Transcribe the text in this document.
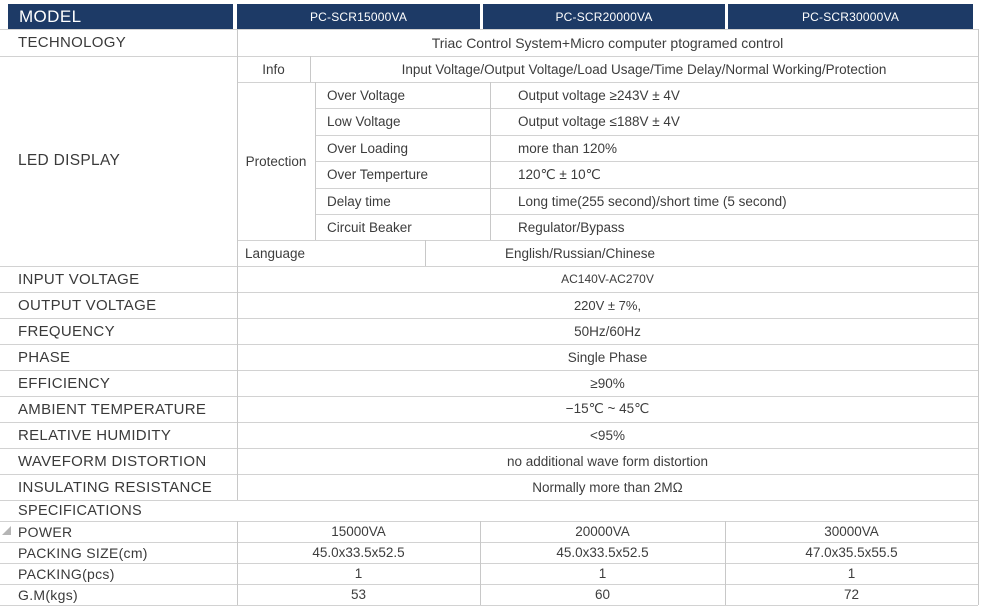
MODEL	PC-SCR15000VA	PC-SCR20000VA	PC-SCR30000VA
TECHNOLOGY	Triac Control System+Micro computer ptogramed control
LED DISPLAY
Info	Input Voltage/Output Voltage/Load Usage/Time Delay/Normal Working/Protection
Protection
Over Voltage	Output voltage ≥243V ± 4V
Low Voltage	Output voltage ≤188V ± 4V
Over Loading	more than 120%
Over Temperture	120℃ ± 10℃
Delay time	Long time(255 second)/short time (5 second)
Circuit Beaker	Regulator/Bypass
Language	English/Russian/Chinese
INPUT VOLTAGE	AC140V-AC270V
OUTPUT VOLTAGE	220V ± 7%,
FREQUENCY	50Hz/60Hz
PHASE	Single Phase
EFFICIENCY	≥90%
AMBIENT TEMPERATURE	−15℃ ~ 45℃
RELATIVE HUMIDITY	<95%
WAVEFORM DISTORTION	no additional wave form distortion
INSULATING RESISTANCE	Normally more than 2MΩ
SPECIFICATIONS
POWER	15000VA	20000VA	30000VA
PACKING SIZE(cm)	45.0x33.5x52.5	45.0x33.5x52.5	47.0x35.5x55.5
PACKING(pcs)	1	1	1
G.M(kgs)	53	60	72
